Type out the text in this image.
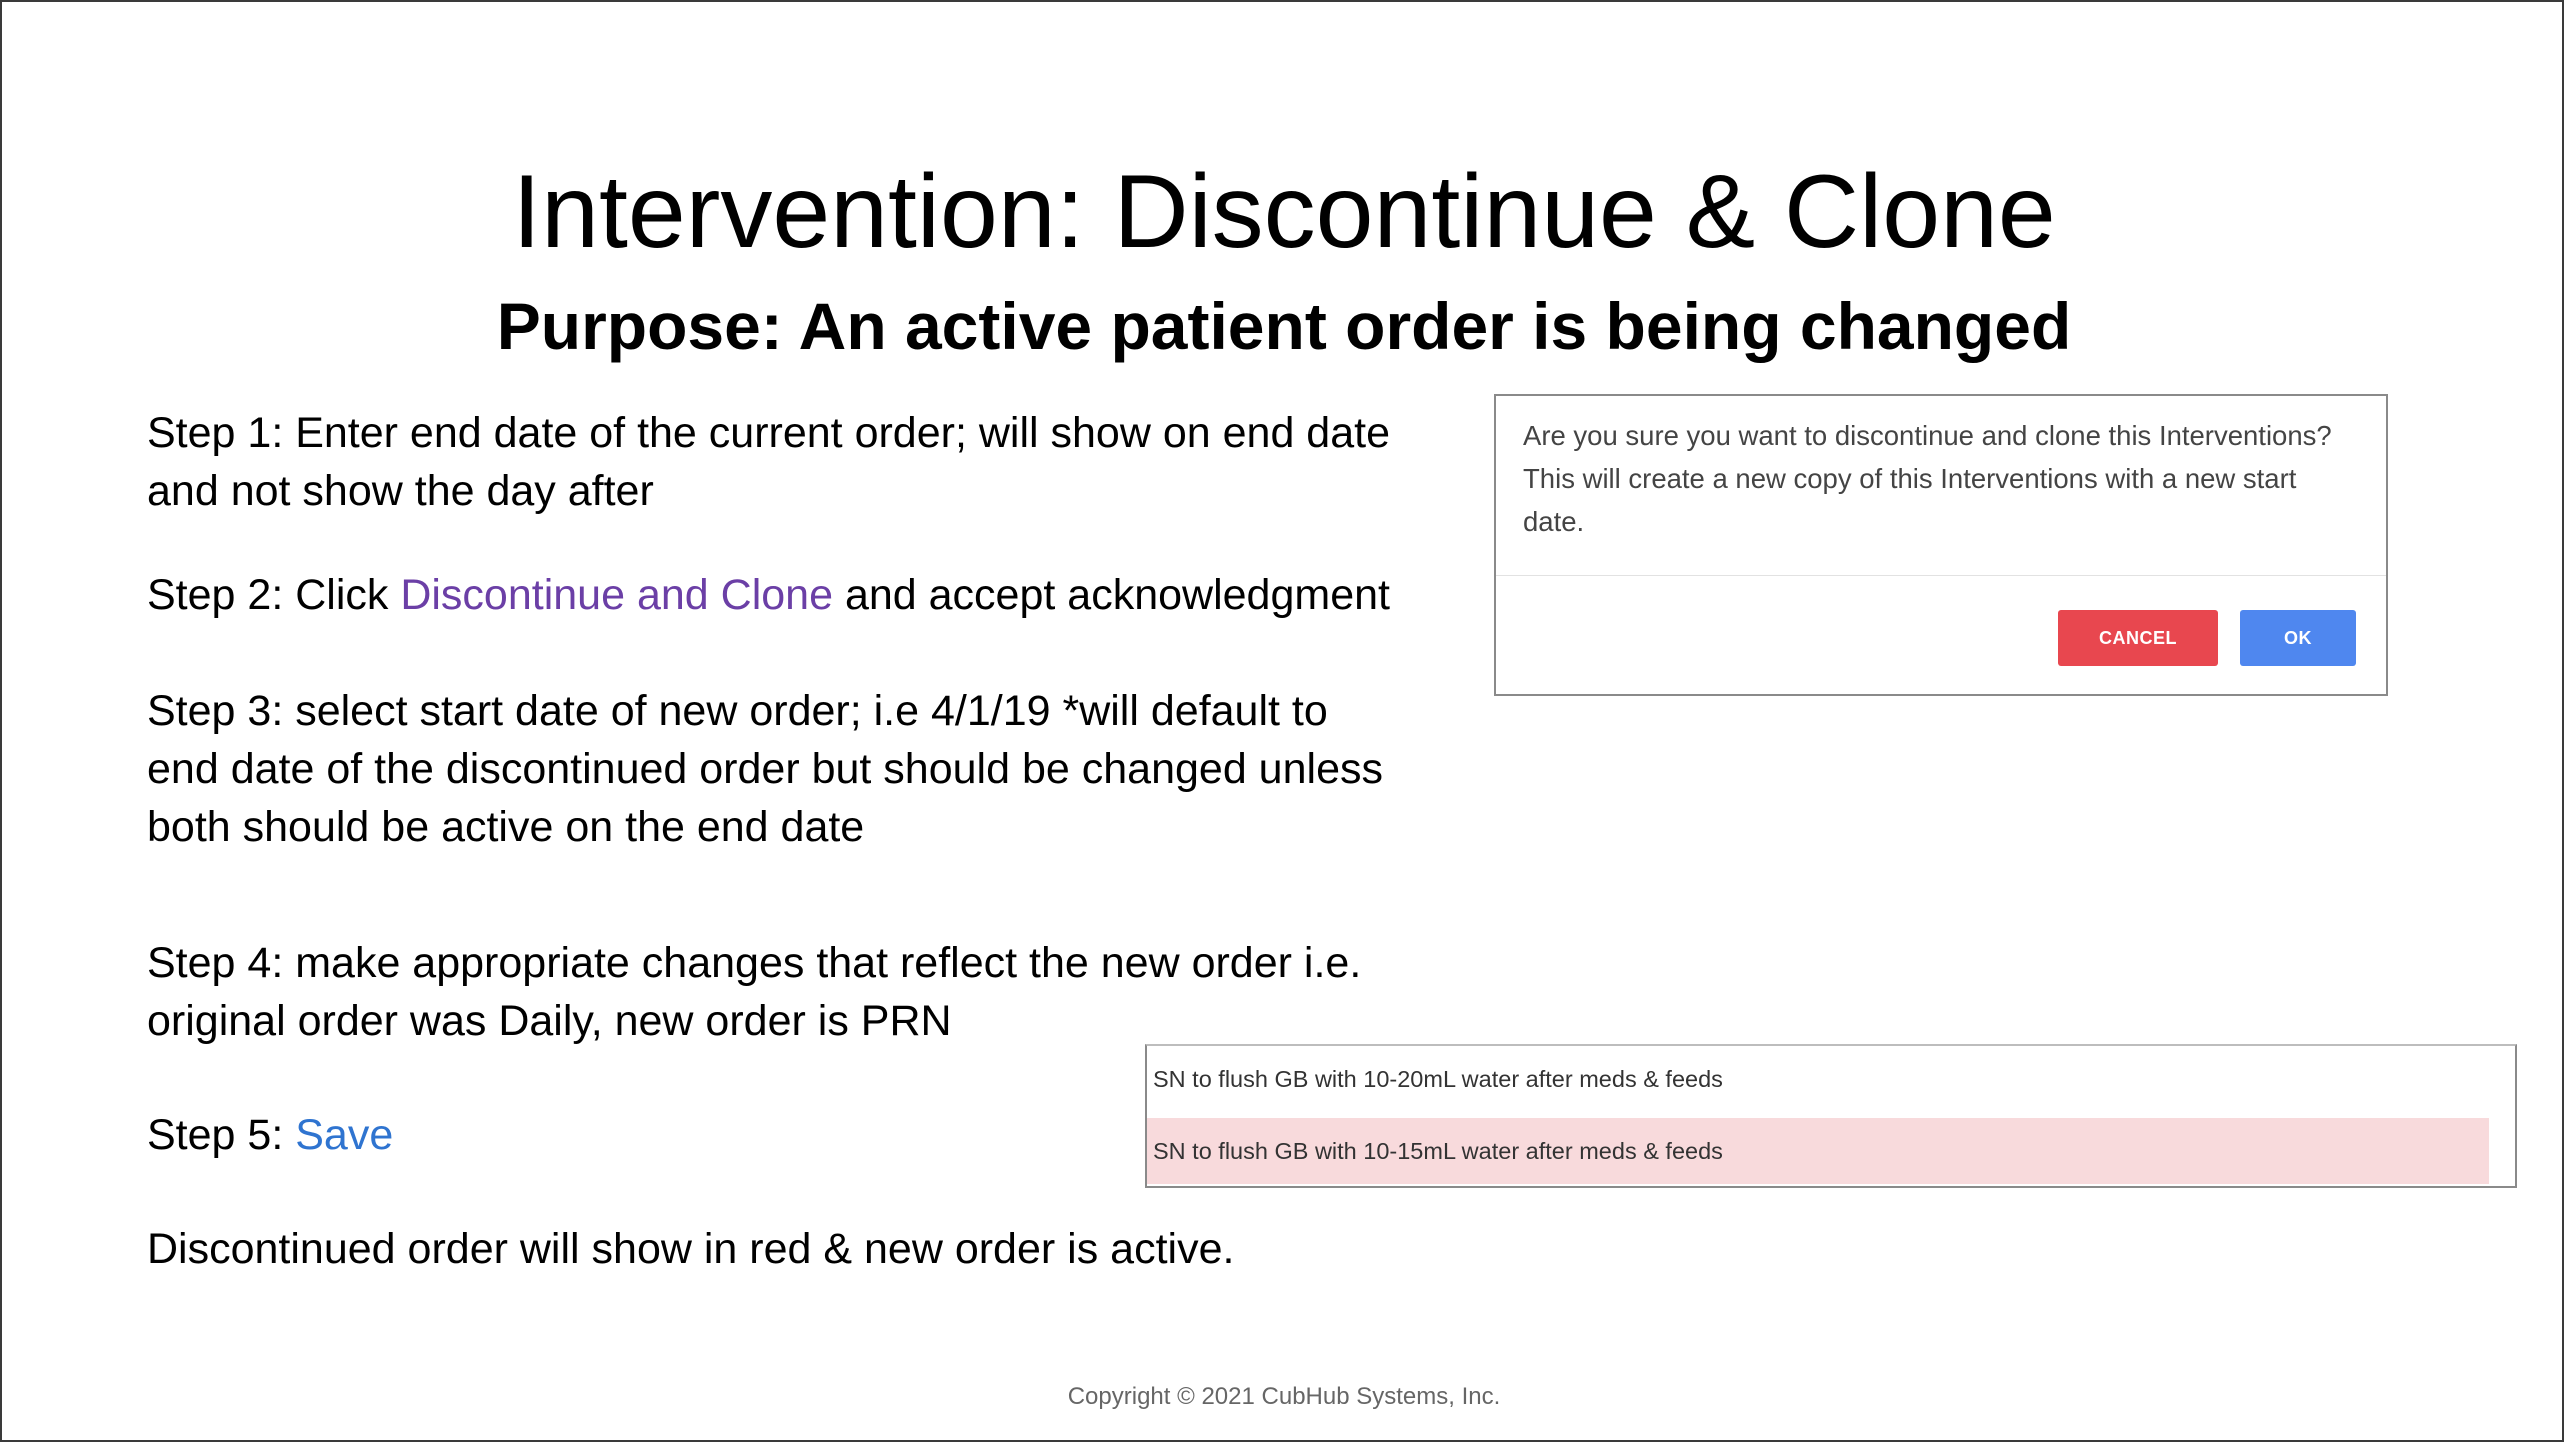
Intervention: Discontinue & Clone
Purpose: An active patient order is being changed

Step 1: Enter end date of the current order; will show on end date
and not show the day after

Step 2: Click Discontinue and Clone and accept acknowledgment

Step 3: select start date of new order; i.e 4/1/19 *will default to
end date of the discontinued order but should be changed unless
both should be active on the end date

Step 4: make appropriate changes that reflect the new order i.e.
original order was Daily, new order is PRN

Step 5: Save

Discontinued order will show in red & new order is active.

Are you sure you want to discontinue and clone this Interventions?
This will create a new copy of this Interventions with a new start
date.

CANCEL	OK
SN to flush GB with 10-20mL water after meds & feeds
SN to flush GB with 10-15mL water after meds & feeds

Copyright © 2021 CubHub Systems, Inc.
